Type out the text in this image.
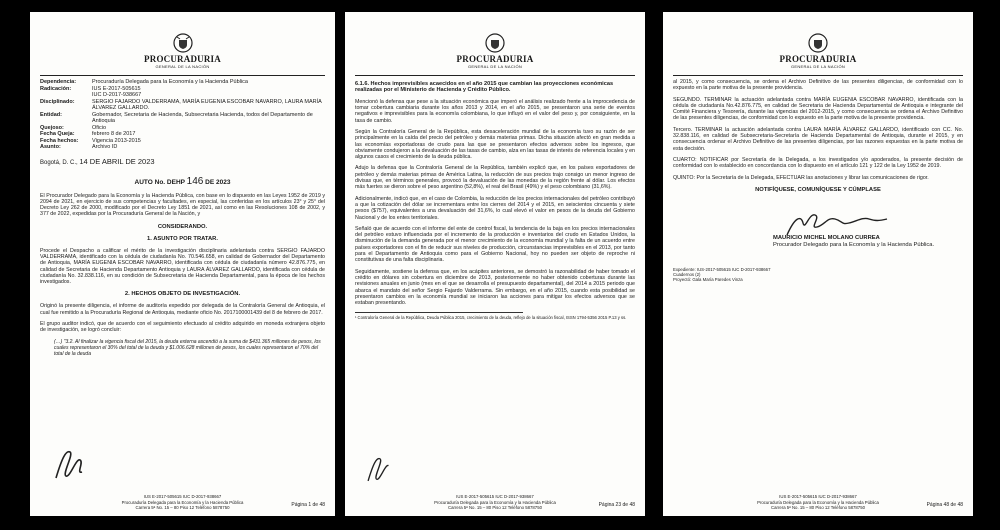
PROCURADURIA
GENERAL DE LA NACIÓN
Dependencia:	Procuraduría Delegada para la Economía y la Hacienda Pública
Radicación:	IUS E-2017-505615
	IUC D-2017-938667
Disciplinado:	SERGIO FAJARDO VALDERRAMA, MARÍA EUGENIA ESCOBAR NAVARRO, LAURA MARÍA ÁLVAREZ GALLARDO.
Entidad:	Gobernador, Secretaria de Hacienda, Subsecretaria Hacienda, todos del Departamento de Antioquia
Quejoso:	Oficio
Fecha Queja:	febrero 8 de 2017
Fecha hechos:	Vigencia 2013-2015
Asunto:	Archivo ID
Bogotá, D. C., 14 DE ABRIL DE 2023
AUTO No. DEHP 146 DE 2023

El Procurador Delegado para la Economía y la Hacienda Pública, con base en lo dispuesto en las Leyes 1952 de 2019 y 2094 de 2021, en ejercicio de sus competencias y facultades, en especial, las conferidas en los artículos 23° y 25° del Decreto Ley 262 de 2000, modificado por el Decreto Ley 1851 de 2021, así como en las Resoluciones 108 de 2002, y 377 de 2022, expedidas por la Procuraduría General de la Nación, y

CONSIDERANDO.
1. ASUNTO POR TRATAR.

Procede el Despacho a calificar el mérito de la investigación disciplinaria adelantada contra SERGIO FAJARDO VALDERRAMA, identificado con la cédula de ciudadanía No. 70.546.658, en calidad de Gobernador del Departamento de Antioquia, MARÍA EUGENIA ESCOBAR NAVARRO, identificada con cédula de ciudadanía número 42.876.775, en calidad de Secretaria de Hacienda Departamento Antioquia y LAURA ÁLVAREZ GALLARDO, identificada con cédula de ciudadanía No. 32.838.116, en su condición de Subsecretaria de Hacienda Departamental, para la época de los hechos investigados.

2. HECHOS OBJETO DE INVESTIGACIÓN.

Originó la presente diligencia, el informe de auditoría expedido por delegada de la Contraloría General de Antioquia, el cual fue remitido a la Procuraduría Regional de Antioquia, mediante oficio No. 2017100001439 del 8 de febrero de 2017.

El grupo auditor indicó, que de acuerdo con el seguimiento efectuado al crédito adquirido en moneda extranjera objeto de investigación, se logró concluir:

(…) "3.2. Al finalizar la vigencia fiscal del 2015, la deuda externa ascendió a la suma de $431.365 millones de pesos, los cuales representaron el 30% del total de la deuda y $1.006.628 millones de pesos, los cuales representaron el 70% del total de la deuda
IUS E-2017-505615 IUC D-2017-938667
Procuraduría Delegada para la Economía y la Hacienda Pública
Carrera 5ª No. 15 – 80 Piso 12 Teléfono 5878750	Página 1 de 48
PROCURADURIA
GENERAL DE LA NACIÓN
6.1.6. Hechos imprevisibles acaecidos en el año 2015 que cambian las proyecciones económicas realizadas por el Ministerio de Hacienda y Crédito Público.

Mencionó la defensa que pese a la situación económica que imperó el análisis realizado frente a la improcedencia de tomar cobertura cambiaria durante los años 2013 y 2014, en el año 2015, se presentaron una serie de eventos negativos e imprevisibles para la economía colombiana, lo que influyó en el valor del peso y, por consiguiente, en la tasa de cambio.

Según la Contraloría General de la República, esta desaceleración mundial de la economía tuvo su razón de ser principalmente en la caída del precio del petróleo y demás materias primas. Dicha situación afectó en gran medida a las economías exportadoras de crudo para las que se presentaron efectos adversos sobre los ingresos, que obviamente condujeron a la devaluación de las tasas de cambio, alza en las tasas de interés de referencia locales y en algunos casos el crecimiento de la deuda pública.

Adujo la defensa que la Contraloría General de la República, también explicó que, en los países exportadores de petróleo y demás materias primas de América Latina, la reducción de sus precios trajo consigo un menor ingreso de divisas que, en términos generales, provocó la devaluación de las monedas de la región frente al dólar. Los efectos más fuertes se dieron sobre el peso argentino (52,8%), el real del Brasil (49%) y el peso colombiano (31,6%).

Adicionalmente, indicó que, en el caso de Colombia, la reducción de los precios internacionales del petróleo contribuyó a que la cotización del dólar se incrementara entre los cierres del 2014 y el 2015, en seiscientos cincuenta y siete pesos ($757), equivalentes a una devaluación del 31,6%, lo cual elevó el valor en pesos de la deuda del Gobierno Nacional y de los entes territoriales.

Señaló que de acuerdo con el informe del ente de control fiscal, la tendencia de la baja en los precios internacionales del petróleo estuvo influenciada por el incremento de la producción e inventarios del crudo en Estados Unidos, la disminución de la demanda generada por el menor crecimiento de la economía mundial y la falta de un acuerdo entre países exportadores con el fin de reducir sus niveles de producción, circunstancias imprevisibles en el 2013, por tanto para el Departamento de Antioquia como para el Gobierno Nacional, hoy no pueden ser objeto de reproche ni constitutivas de una falta disciplinaria.

Seguidamente, sostiene la defensa que, en los acápites anteriores, se demostró la razonabilidad de haber tomado el crédito en dólares sin cobertura en diciembre de 2013, posteriormente no haber obtenido coberturas durante las revisiones anuales en junio (mes en el que se desarrolla el presupuesto departamental), del 2014 a 2015 periodo que abarca el mandato del señor Sergio Fajardo Valderrama. Sin embargo, en el año 2015, cuando esta posibilidad se presentaron cambios en la economía mundial se iniciaron las acciones para mitigar los efectos adversos que se estaban presentando.

¹ Contraloría General de la República, Deuda Pública 2015, crecimiento de la deuda, reflejo de la situación fiscal, ISSN 1794-5356 2015 P.13 y ss.
IUS E-2017-505615 IUC D-2017-938667
Procuraduría Delegada para la Economía y la Hacienda Pública
Carrera 5ª No. 15 – 80 Piso 12 Teléfono 5878750	Página 23 de 48
PROCURADURIA
GENERAL DE LA NACIÓN

al 2015, y como consecuencia, se ordena el Archivo Definitivo de las presentes diligencias, de conformidad con lo expuesto en la parte motiva de la presente providencia.

SEGUNDO. TERMINAR la actuación adelantada contra MARÍA EUGENIA ESCOBAR NAVARRO, identificada con la cédula de ciudadanía No.42.876.775, en calidad de Secretaria de Hacienda Departamental de Antioquia e integrante del Comité Financiera y Tesorería, durante las vigencias del 2012-2015, y como consecuencia se ordena el Archivo Definitivo de las presentes diligencias, de conformidad con lo expuesto en la parte motiva de la presente providencia.

Tercero. TERMINAR la actuación adelantada contra LAURA MARÍA ÁLVAREZ GALLARDO, identificado con CC. No. 32.838.116, en calidad de Subsecretaria-Secretaría de Hacienda Departamental de Antioquia, durante el 2015, y en consecuencia ordenar el Archivo Definitivo de las presentes diligencias, por las razones expuestas en la parte motiva de esta decisión.

CUARTO: NOTIFICAR por Secretaría de la Delegada, a los investigados y/o apoderados, la presente decisión de conformidad con lo establecido en concordancia con lo dispuesto en el artículo 121 y 122 de la Ley 1952 de 2019.

QUINTO: Por la Secretaría de la Delegada, EFECTUAR las anotaciones y librar las comunicaciones de rigor.

NOTIFÍQUESE, COMUNÍQUESE Y CÚMPLASE
MAURICIO MICHEL MOLANO CURREA
Procurador Delegado para la Economía y la Hacienda Pública.
Expediente: IUS-2017-505615 IUC D-2017-938667
Cuadernos (2)
Proyectó: Gala María Paredes Vinza
IUS E-2017-505615 IUC D-2017-938667
Procuraduría Delegada para la Economía y la Hacienda Pública
Carrera 5ª No. 15 – 80 Piso 12 Teléfono 5878750	Página 48 de 48
